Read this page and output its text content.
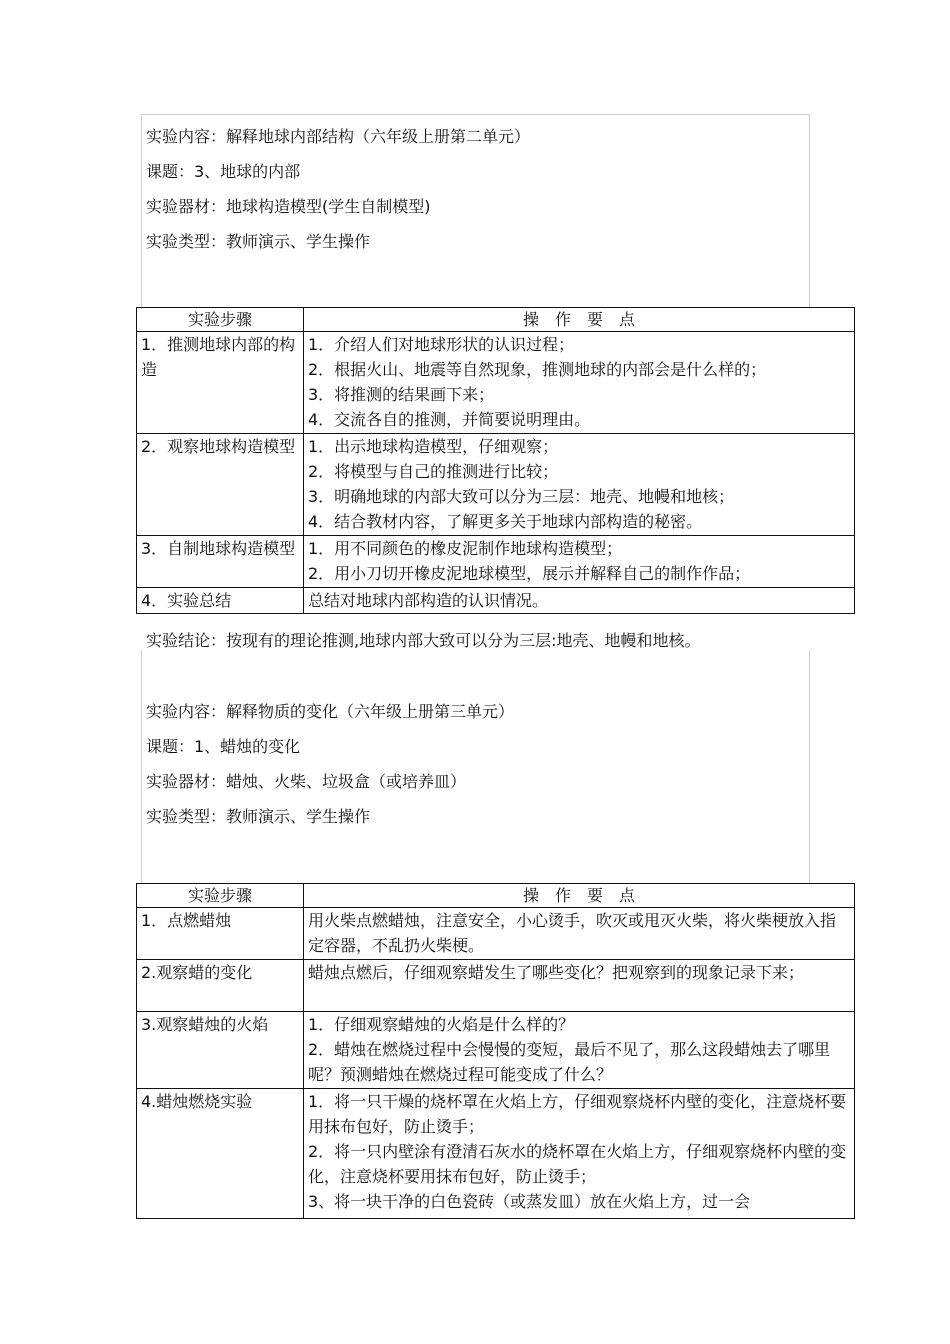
实验内容：解释地球内部结构（六年级上册第二单元）
课题：3、地球的内部
实验器材：地球构造模型(学生自制模型)
实验类型：教师演示、学生操作
实验步骤	操　作　要　点
1．推测地球内部的构造	1．介绍人们对地球形状的认识过程；
2．根据火山、地震等自然现象，推测地球的内部会是什么样的；
3．将推测的结果画下来；
4．交流各自的推测，并简要说明理由。

2．观察地球构造模型	1．出示地球构造模型，仔细观察；
2．将模型与自己的推测进行比较；
3．明确地球的内部大致可以分为三层：地壳、地幔和地核；
4．结合教材内容，了解更多关于地球内部构造的秘密。

3．自制地球构造模型	1．用不同颜色的橡皮泥制作地球构造模型；
2．用小刀切开橡皮泥地球模型，展示并解释自己的制作作品；

4．实验总结	总结对地球内部构造的认识情况。
实验结论：按现有的理论推测,地球内部大致可以分为三层:地壳、地幔和地核。
实验内容：解释物质的变化（六年级上册第三单元）
课题：1、蜡烛的变化
实验器材：蜡烛、火柴、垃圾盒（或培养皿）
实验类型：教师演示、学生操作
实验步骤	操　作　要　点
1．点燃蜡烛	用火柴点燃蜡烛，注意安全，小心烫手，吹灭或甩灭火柴，将火柴梗放入指定容器，不乱扔火柴梗。

2.观察蜡的变化	蜡烛点燃后，仔细观察蜡发生了哪些变化？把观察到的现象记录下来；

3.观察蜡烛的火焰	1．仔细观察蜡烛的火焰是什么样的？
2．蜡烛在燃烧过程中会慢慢的变短，最后不见了，那么这段蜡烛去了哪里呢？预测蜡烛在燃烧过程可能变成了什么？

4.蜡烛燃烧实验	1．将一只干燥的烧杯罩在火焰上方，仔细观察烧杯内壁的变化，注意烧杯要用抹布包好，防止烫手；
2．将一只内壁涂有澄清石灰水的烧杯罩在火焰上方，仔细观察烧杯内壁的变化，注意烧杯要用抹布包好，防止烫手；
3、将一块干净的白色瓷砖（或蒸发皿）放在火焰上方，过一会
